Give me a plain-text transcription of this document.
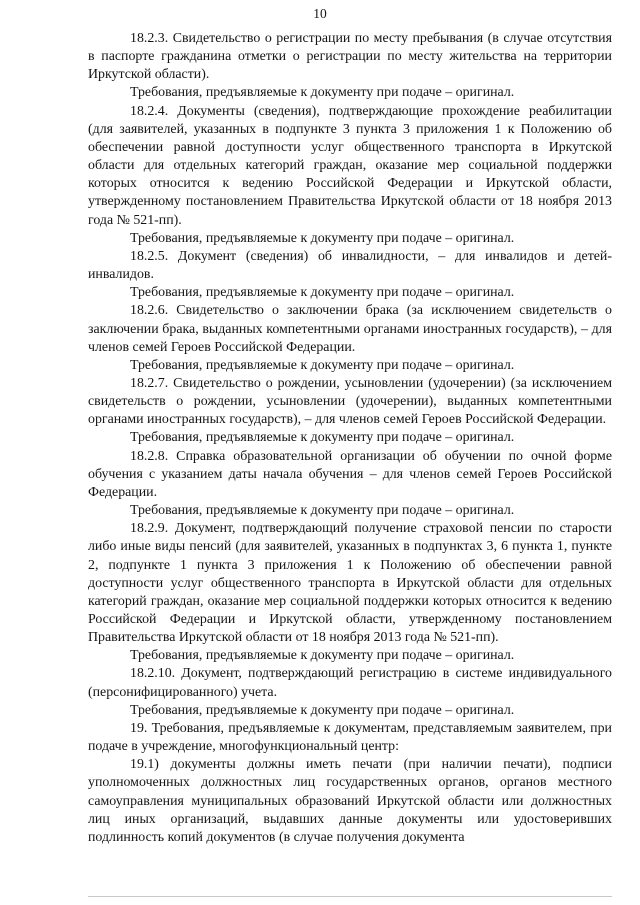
10

18.2.3. Свидетельство о регистрации по месту пребывания (в случае отсутствия в паспорте гражданина отметки о регистрации по месту жительства на территории Иркутской области).

Требования, предъявляемые к документу при подаче – оригинал.

18.2.4. Документы (сведения), подтверждающие прохождение реабилитации (для заявителей, указанных в подпункте 3 пункта 3 приложения 1 к Положению об обеспечении равной доступности услуг общественного транспорта в Иркутской области для отдельных категорий граждан, оказание мер социальной поддержки которых относится к ведению Российской Федерации и Иркутской области, утвержденному постановлением Правительства Иркутской области от 18 ноября 2013 года № 521-пп).

Требования, предъявляемые к документу при подаче – оригинал.

18.2.5. Документ (сведения) об инвалидности, – для инвалидов и детей-инвалидов.

Требования, предъявляемые к документу при подаче – оригинал.

18.2.6. Свидетельство о заключении брака (за исключением свидетельств о заключении брака, выданных компетентными органами иностранных государств), – для членов семей Героев Российской Федерации.

Требования, предъявляемые к документу при подаче – оригинал.

18.2.7. Свидетельство о рождении, усыновлении (удочерении) (за исключением свидетельств о рождении, усыновлении (удочерении), выданных компетентными органами иностранных государств), – для членов семей Героев Российской Федерации.

Требования, предъявляемые к документу при подаче – оригинал.

18.2.8. Справка образовательной организации об обучении по очной форме обучения с указанием даты начала обучения – для членов семей Героев Российской Федерации.

Требования, предъявляемые к документу при подаче – оригинал.

18.2.9. Документ, подтверждающий получение страховой пенсии по старости либо иные виды пенсий (для заявителей, указанных в подпунктах 3, 6 пункта 1, пункте 2, подпункте 1 пункта 3 приложения 1 к Положению об обеспечении равной доступности услуг общественного транспорта в Иркутской области для отдельных категорий граждан, оказание мер социальной поддержки которых относится к ведению Российской Федерации и Иркутской области, утвержденному постановлением Правительства Иркутской области от 18 ноября 2013 года № 521-пп).

Требования, предъявляемые к документу при подаче – оригинал.

18.2.10. Документ, подтверждающий регистрацию в системе индивидуального (персонифицированного) учета.

Требования, предъявляемые к документу при подаче – оригинал.

19. Требования, предъявляемые к документам, представляемым заявителем, при подаче в учреждение, многофункциональный центр:

19.1) документы должны иметь печати (при наличии печати), подписи уполномоченных должностных лиц государственных органов, органов местного самоуправления муниципальных образований Иркутской области или должностных лиц иных организаций, выдавших данные документы или удостоверивших подлинность копий документов (в случае получения документа
